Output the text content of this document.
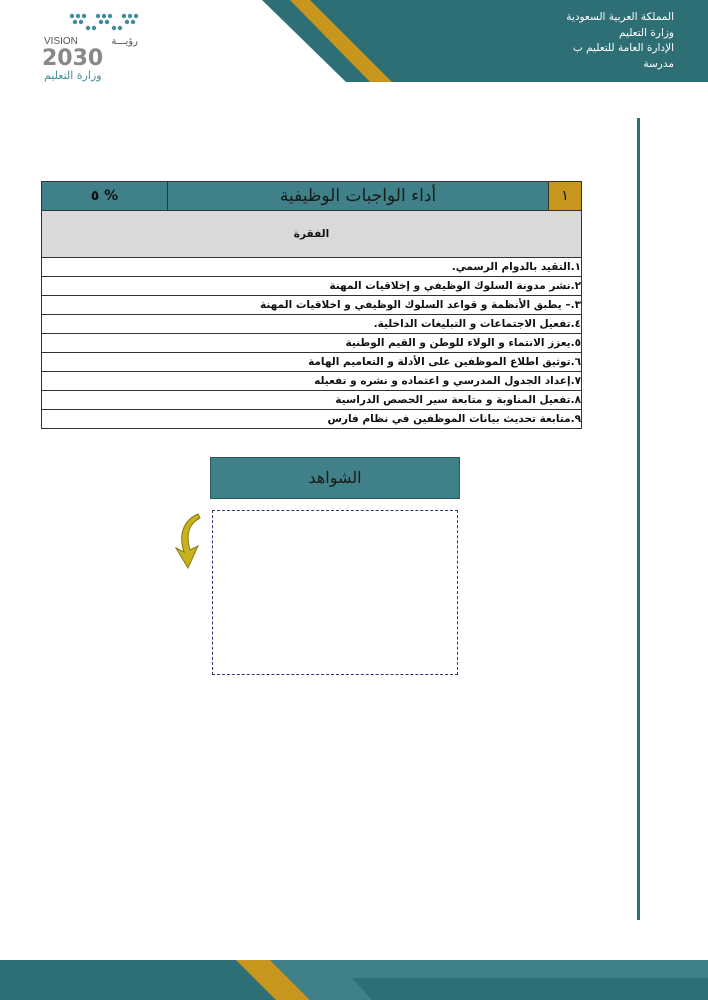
المملكة العربية السعودية
وزارة التعليم
الإدارة العامة للتعليم ب
مدرسة
VISION	رؤيـــة
2030
وزارة التعليم
١	أداء الواجبات الوظيفية	٥ %
الفقرة
١.التقيد بالدوام الرسمي.
٢.نشر مدونة السلوك الوظيفي و إخلاقيات المهنة
٣.– يطبق الأنظمة و قواعد السلوك الوظيفي و اخلاقيات المهنة
٤.تفعيل الاجتماعات و التبليغات الداخلية.
٥.يعزز الانتماء و الولاء للوطن و القيم الوطنية
٦.توثيق اطلاع الموظفين على الأدلة و التعاميم الهامة
٧.إعداد الجدول المدرسي و اعتماده و نشره و تفعيله
٨.تفعيل المناوبة و متابعة سير الحصص الدراسية
٩.متابعة تحديث بيانات الموظفين في نظام فارس
الشواهد
